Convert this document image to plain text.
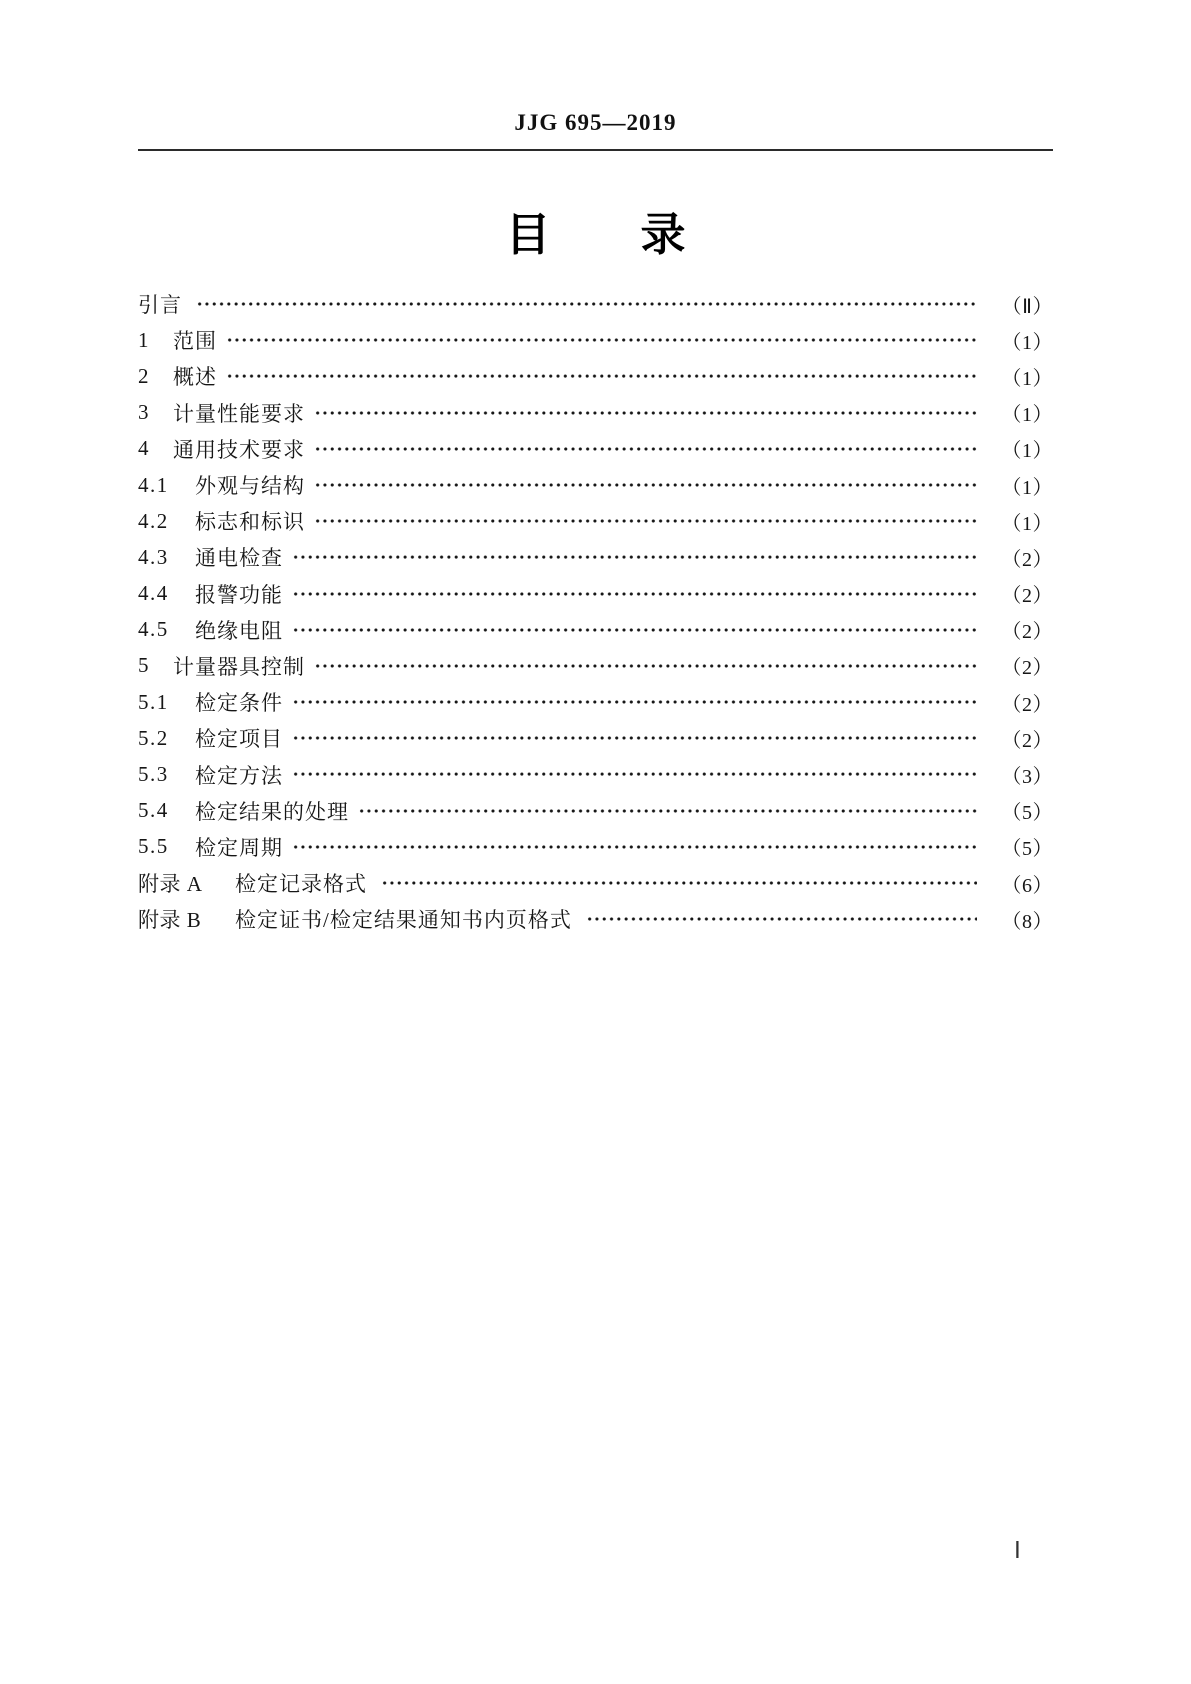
JJG 695—2019
目　　录
引言	（Ⅱ）
1	范围	（1）
2	概述	（1）
3	计量性能要求	（1）
4	通用技术要求	（1）
4.1	外观与结构	（1）
4.2	标志和标识	（1）
4.3	通电检查	（2）
4.4	报警功能	（2）
4.5	绝缘电阻	（2）
5	计量器具控制	（2）
5.1	检定条件	（2）
5.2	检定项目	（2）
5.3	检定方法	（3）
5.4	检定结果的处理	（5）
5.5	检定周期	（5）
附录 A	检定记录格式	（6）
附录 B	检定证书/检定结果通知书内页格式	（8）
Ⅰ
